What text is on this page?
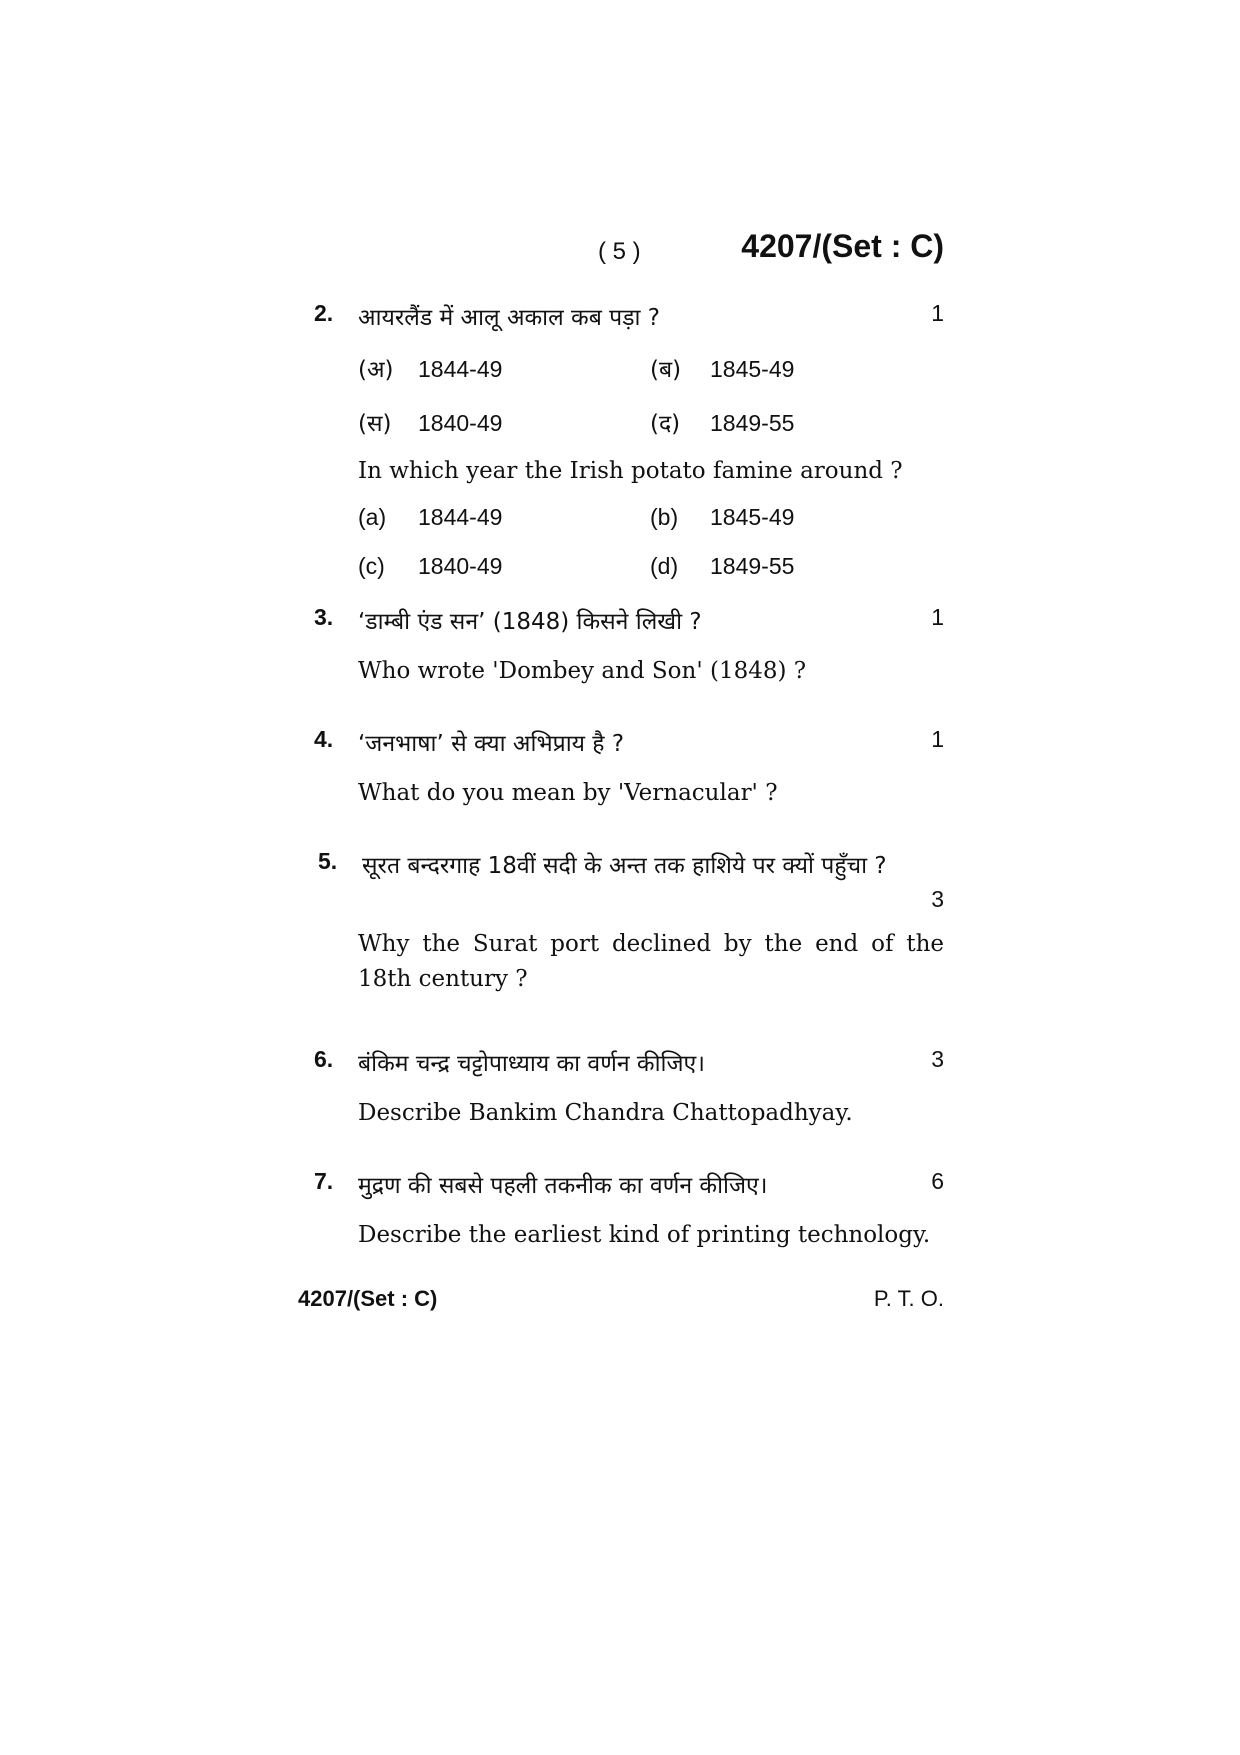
( 5 )	4207/(Set : C)
2. आयरलैंड में आलू अकाल कब पड़ा ?	1
(अ)	1844-49	(ब)	1845-49
(स)	1840-49	(द)	1849-55
In which year the Irish potato famine around ?
(a)	1844-49	(b)	1845-49
(c)	1840-49	(d)	1849-55
3. ‘डाम्बी एंड सन’ (1848) किसने लिखी ?	1
Who wrote 'Dombey and Son' (1848) ?
4. ‘जनभाषा’ से क्या अभिप्राय है ?	1
What do you mean by 'Vernacular' ?
5. सूरत बन्दरगाह 18वीं सदी के अन्त तक हाशिये पर क्यों पहुँचा ?
3
Why the Surat port declined by the end of the 18th century ?
6. बंकिम चन्द्र चट्टोपाध्याय का वर्णन कीजिए।	3
Describe Bankim Chandra Chattopadhyay.
7. मुद्रण की सबसे पहली तकनीक का वर्णन कीजिए।	6
Describe the earliest kind of printing technology.
4207/(Set : C)	P. T. O.
